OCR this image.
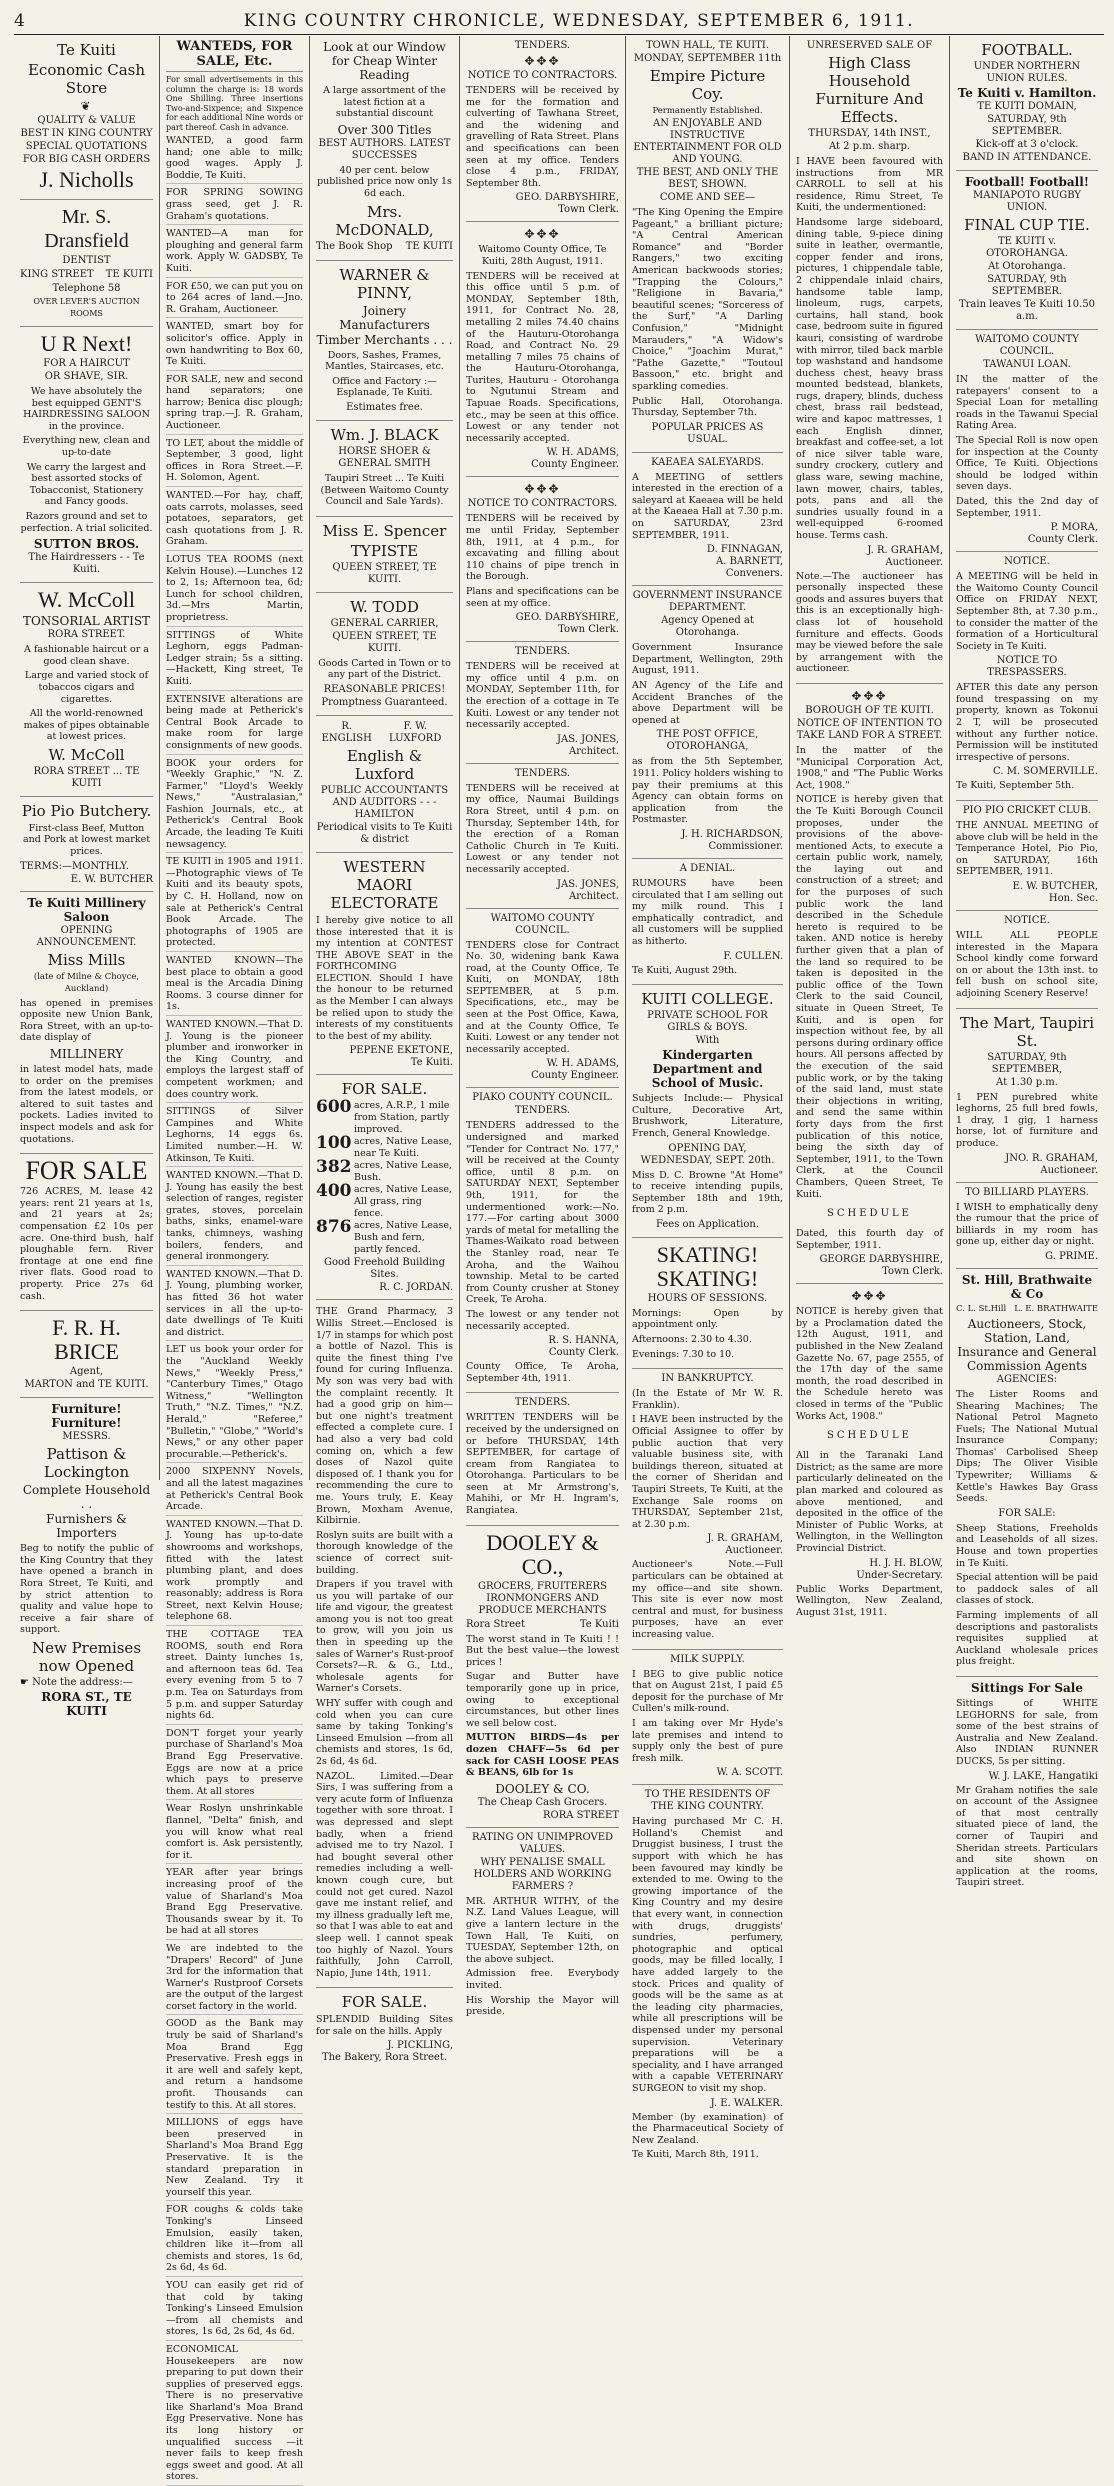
4	KING COUNTRY CHRONICLE, WEDNESDAY, SEPTEMBER 6, 1911.
Te Kuiti
Economic Cash Store
❦
QUALITY & VALUE
BEST IN KING COUNTRY
SPECIAL QUOTATIONS
FOR BIG CASH ORDERS
J. Nicholls
Mr. S. Dransfield
DENTIST
KING STREET TE KUITI
Telephone 58
OVER LEVER'S AUCTION ROOMS
U R Next!
FOR A HAIRCUT
OR SHAVE, SIR.

We have absolutely the best equipped GENT'S HAIRDRESSING SALOON in the province.

Everything new, clean and up-to-date

We carry the largest and best assorted stocks of Tobacconist, Stationery and Fancy goods.

Razors ground and set to perfection. A trial solicited.

SUTTON BROS.
The Hairdressers - - Te Kuiti.
W. McColl
TONSORIAL ARTIST
RORA STREET.

A fashionable haircut or a good clean shave.

Large and varied stock of tobaccos cigars and cigarettes.

All the world-renowned makes of pipes obtainable at lowest prices.

W. McColl
RORA STREET ... TE KUITI
Pio Pio Butchery.

First-class Beef, Mutton and Pork at lowest market prices.

TERMS:—MONTHLY.
E. W. BUTCHER
Te Kuiti Millinery Saloon
OPENING ANNOUNCEMENT.
Miss Mills
(late of Milne & Choyce, Auckland)

has opened in premises opposite new Union Bank, Rora Street, with an up-to-date display of

MILLINERY

in latest model hats, made to order on the premises from the latest models, or altered to suit tastes and pockets. Ladies invited to inspect models and ask for quotations.

FOR SALE

726 ACRES, M. lease 42 years: rent 21 years at 1s, and 21 years at 2s; compensation £2 10s per acre. One-third bush, half ploughable fern. River frontage at one end fine river flats. Good road to property. Price 27s 6d cash.

F. R. H. BRICE
Agent,
MARTON and TE KUITI.
Furniture! Furniture!
MESSRS.
Pattison & Lockington
Complete Household . .
Furnishers & Importers

Beg to notify the public of the King Country that they have opened a branch in Rora Street, Te Kuiti, and by strict attention to quality and value hope to receive a fair share of support.

New Premises now Opened
☛ Note the address:—
RORA ST., TE KUITI
WANTEDS, FOR SALE, Etc.

For small advertisements in this column the charge is: 18 words One Shilling. Three insertions Two-and-Sixpence; and Sixpence for each additional Nine words or part thereof. Cash in advance.

WANTED, a good farm hand; one able to milk; good wages. Apply J. Boddie, Te Kuiti.

FOR SPRING SOWING grass seed, get J. R. Graham's quotations.

WANTED—A man for ploughing and general farm work. Apply W. GADSBY, Te Kuiti.

FOR £50, we can put you on to 264 acres of land.—Jno. R. Graham, Auctioneer.

WANTED, smart boy for solicitor's office. Apply in own handwriting to Box 60, Te Kuiti.

FOR SALE, new and second hand separators; one harrow; Benica disc plough; spring trap.—J. R. Graham, Auctioneer.

TO LET, about the middle of September, 3 good, light offices in Rora Street.—F. H. Solomon, Agent.

WANTED.—For hay, chaff, oats carrots, molasses, seed potatoes, separators, get cash quotations from J. R. Graham.

LOTUS TEA ROOMS (next Kelvin House).—Lunches 12 to 2, 1s; Afternoon tea, 6d; Lunch for school children, 3d.—Mrs Martin, proprietress.

SITTINGS of White Leghorn, eggs Padman-Ledger strain; 5s a sitting.—Hackett, King street, Te Kuiti.

EXTENSIVE alterations are being made at Petherick's Central Book Arcade to make room for large consignments of new goods.

BOOK your orders for "Weekly Graphic," "N. Z. Farmer," "Lloyd's Weekly News," "Australasian," Fashion Journals, etc., at Petherick's Central Book Arcade, the leading Te Kuiti newsagency.

TE KUITI in 1905 and 1911.—Photographic views of Te Kuiti and its beauty spots, by C. H. Holland, now on sale at Petherick's Central Book Arcade. The photographs of 1905 are protected.

WANTED KNOWN—The best place to obtain a good meal is the Arcadia Dining Rooms. 3 course dinner for 1s.

WANTED KNOWN.—That D. J. Young is the pioneer plumber and ironworker in the King Country, and employs the largest staff of competent workmen; and does country work.

SITTINGS of Silver Campines and White Leghorns, 14 eggs 6s. Limited number.—H. W. Atkinson, Te Kuiti.

WANTED KNOWN.—That D. J. Young has easily the best selection of ranges, register grates, stoves, porcelain baths, sinks, enamel-ware tanks, chimneys, washing boilers, fenders, and general ironmongery.

WANTED KNOWN.—That D. J. Young, plumbing worker, has fitted 36 hot water services in all the up-to-date dwellings of Te Kuiti and district.

LET us book your order for the "Auckland Weekly News," "Weekly Press," "Canterbury Times," Otago Witness," "Wellington Truth," "N.Z. Times," "N.Z. Herald," "Referee," "Bulletin," "Globe," "World's News," or any other paper procurable.—Petherick's.

2000 SIXPENNY Novels, and all the latest magazines at Petherick's Central Book Arcade.

WANTED KNOWN.—That D. J. Young has up-to-date showrooms and workshops, fitted with the latest plumbing plant, and does work promptly and reasonably; address is Rora Street, next Kelvin House; telephone 68.

THE COTTAGE TEA ROOMS, south end Rora street. Dainty lunches 1s, and afternoon teas 6d. Tea every evening from 5 to 7 p.m. Tea on Saturdays from 5 p.m. and supper Saturday nights 6d.

DON'T forget your yearly purchase of Sharland's Moa Brand Egg Preservative. Eggs are now at a price which pays to preserve them. At all stores

Wear Roslyn unshrinkable flannel, "Delta" finish, and you will know what real comfort is. Ask persistently, for it.

YEAR after year brings increasing proof of the value of Sharland's Moa Brand Egg Preservative. Thousands swear by it. To be had at all stores

We are indebted to the "Drapers' Record" of June 3rd for the information that Warner's Rustproof Corsets are the output of the largest corset factory in the world.

GOOD as the Bank may truly be said of Sharland's Moa Brand Egg Preservative. Fresh eggs in it are well and safely kept, and return a handsome profit. Thousands can testify to this. At all stores.

MILLIONS of eggs have been preserved in Sharland's Moa Brand Egg Preservative. It is the standard preparation in New Zealand. Try it yourself this year.

FOR coughs & colds take Tonking's Linseed Emulsion, easily taken, children like it—from all chemists and stores, 1s 6d, 2s 6d, 4s 6d.

YOU can easily get rid of that cold by taking Tonking's Linseed Emulsion—from all chemists and stores, 1s 6d, 2s 6d, 4s 6d.

ECONOMICAL Housekeepers are now preparing to put down their supplies of preserved eggs. There is no preservative like Sharland's Moa Brand Egg Preservative. None has its long history or unqualified success —it never fails to keep fresh eggs sweet and good. At all stores.

Look at our Window for Cheap Winter Reading

A large assortment of the latest fiction at a substantial discount

Over 300 Titles
BEST AUTHORS. LATEST SUCCESSES

40 per cent. below published price now only 1s 6d each.

Mrs. McDONALD,
The Book Shop TE KUITI
WARNER & PINNY,
Joinery Manufacturers
Timber Merchants . . .

Doors, Sashes, Frames, Mantles, Staircases, etc.

Office and Factory :—Esplanade, Te Kuiti.

Estimates free.
Wm. J. BLACK
HORSE SHOER & GENERAL SMITH

Taupiri Street ... Te Kuiti (Between Waitomo County Council and Sale Yards).

Miss E. Spencer
TYPISTE
QUEEN STREET, TE KUITI.
W. TODD
GENERAL CARRIER,
QUEEN STREET, TE KUITI.

Goods Carted in Town or to any part of the District.

REASONABLE PRICES!
Promptness Guaranteed.
R. ENGLISH
F. W. LUXFORD
English & Luxford
PUBLIC ACCOUNTANTS AND AUDITORS - - - HAMILTON
Periodical visits to Te Kuiti & district
WESTERN MAORI ELECTORATE

I hereby give notice to all those interested that it is my intention at CONTEST THE ABOVE SEAT in the FORTHCOMING ELECTION. Should I have the honour to be returned as the Member I can always be relied upon to study the interests of my constituents to the best of my ability.

PEPENE EKETONE,
Te Kuiti.
FOR SALE.
600 acres, A.R.P., 1 mile from Station, partly improved.
100 acres, Native Lease, near Te Kuiti.
382 acres, Native Lease, Bush.
400 acres, Native Lease, All grass, ring fence.
876 acres, Native Lease, Bush and fern, partly fenced.
Good Freehold Building Sites.
R. C. JORDAN.

THE Grand Pharmacy, 3 Willis Street.—Enclosed is 1/7 in stamps for which post a bottle of Nazol. This is quite the finest thing I've found for curing Influenza. My son was very bad with the complaint recently. It had a good grip on him—but one night's treatment effected a complete cure. I had also a very bad cold coming on, which a few doses of Nazol quite disposed of. I thank you for recommending the cure to me. Yours truly, E. Keay Brown, Moxham Avenue, Kilbirnie.

Roslyn suits are built with a thorough knowledge of the science of correct suit-building.

Drapers if you travel with us you will partake of our life and vigour, the greatest among you is not too great to grow, will you join us then in speeding up the sales of Warner's Rust-proof Corsets?—R. & G., Ltd., wholesale agents for Warner's Corsets.

WHY suffer with cough and cold when you can cure same by taking Tonking's Linseed Emulsion —from all chemists and stores, 1s 6d, 2s 6d, 4s 6d.

NAZOL. Limited.—Dear Sirs, I was suffering from a very acute form of Influenza together with sore throat. I was depressed and slept badly, when a friend advised me to try Nazol. I had bought several other remedies including a well-known cough cure, but could not get cured. Nazol gave me instant relief, and my illness gradually left me, so that I was able to eat and sleep well. I cannot speak too highly of Nazol. Yours faithfully, John Carroll, Napio, June 14th, 1911.

FOR SALE.

SPLENDID Building Sites for sale on the hills. Apply

J. PICKLING,
The Bakery, Rora Street.
TENDERS.
✥✥✥
NOTICE TO CONTRACTORS.

TENDERS will be received by me for the formation and culverting of Tawhana Street, and the widening and gravelling of Rata Street. Plans and specifications can been seen at my office. Tenders close 4 p.m., FRIDAY, September 8th.

GEO. DARBYSHIRE,
Town Clerk.
✥✥✥

Waitomo County Office, Te Kuiti, 28th August, 1911.

TENDERS will be received at this office until 5 p.m. of MONDAY, September 18th, 1911, for Contract No. 28, metalling 2 miles 74.40 chains of the Hauturu-Otorohanga Road, and Contract No. 29 metalling 7 miles 75 chains of the Hauturu-Otorohanga, Turites, Hauturu - Otorohanga to Ngutunui Stream and Tapuae Roads. Specifications, etc., may be seen at this office. Lowest or any tender not necessarily accepted.

W. H. ADAMS,
County Engineer.
✥✥✥
NOTICE TO CONTRACTORS.

TENDERS will be received by me until Friday, September 8th, 1911, at 4 p.m., for excavating and filling about 110 chains of pipe trench in the Borough.

Plans and specifications can be seen at my office.

GEO. DARBYSHIRE,
Town Clerk.
TENDERS.

TENDERS will be received at my office until 4 p.m. on MONDAY, September 11th, for the erection of a cottage in Te Kuiti. Lowest or any tender not necessarily accepted.

JAS. JONES,
Architect.
TENDERS.

TENDERS will be received at my office, Naumai Buildings Rora Street, until 4 p.m. on Thursday, September 14th, for the erection of a Roman Catholic Church in Te Kuiti. Lowest or any tender not necessarily accepted.

JAS. JONES,
Architect.
WAITOMO COUNTY COUNCIL.

TENDERS close for Contract No. 30, widening bank Kawa road, at the County Office, Te Kuiti, on MONDAY, 18th SEPTEMBER, at 5 p.m. Specifications, etc., may be seen at the Post Office, Kawa, and at the County Office, Te Kuiti. Lowest or any tender not necessarily accepted.

W. H. ADAMS,
County Engineer.
PIAKO COUNTY COUNCIL.
TENDERS.

TENDERS addressed to the undersigned and marked "Tender for Contract No. 177," will be received at the County office, until 8 p.m. on SATURDAY NEXT, September 9th, 1911, for the undermentioned work:—No. 177.—For carting about 3000 yards of metal for metalling the Thames-Waikato road between the Stanley road, near Te Aroha, and the Waihou township. Metal to be carted from County crusher at Stoney Creek, Te Aroha.

The lowest or any tender not necessarily accepted.

R. S. HANNA,
County Clerk.

County Office, Te Aroha, September 4th, 1911.

TENDERS.

WRITTEN TENDERS will be received by the undersigned on or before THURSDAY, 14th SEPTEMBER, for cartage of cream from Rangiatea to Otorohanga. Particulars to be seen at Mr Armstrong's, Mahihi, or Mr H. Ingram's, Rangiatea.

DOOLEY & CO.,
GROCERS, FRUITERERS IRONMONGERS AND PRODUCE MERCHANTS
Rora Street	Te Kuiti

The worst stand in Te Kuiti ! ! But the best value—the lowest prices !

Sugar and Butter have temporarily gone up in price, owing to exceptional circumstances, but other lines we sell below cost.

MUTTON BIRDS—4s per dozen CHAFF—5s 6d per sack for CASH LOOSE PEAS & BEANS, 6lb for 1s

DOOLEY & CO.
The Cheap Cash Grocers.
RORA STREET
RATING ON UNIMPROVED VALUES.
WHY PENALISE SMALL HOLDERS AND WORKING FARMERS ?

MR. ARTHUR WITHY, of the N.Z. Land Values League, will give a lantern lecture in the Town Hall, Te Kuiti, on TUESDAY, September 12th, on the above subject.

Admission free. Everybody invited.

His Worship the Mayor will preside.

TOWN HALL, TE KUITI.
MONDAY, SEPTEMBER 11th
Empire Picture Coy.
Permanently Established.
AN ENJOYABLE AND INSTRUCTIVE ENTERTAINMENT FOR OLD AND YOUNG.
THE BEST, AND ONLY THE BEST, SHOWN.
COME AND SEE—

"The King Opening the Empire Pageant," a brilliant picture; "A Central American Romance" and "Border Rangers," two exciting American backwoods stories; "Trapping the Colours," "Religione in Bavaria," beautiful scenes; "Sorceress of the Surf," "A Darling Confusion," "Midnight Marauders," "A Widow's Choice," "Joachim Murat," "Pathe Gazette," "Toutoul Bassoon," etc. bright and sparkling comedies.

Public Hall, Otorohanga. Thursday, September 7th.

POPULAR PRICES AS USUAL.
KAEAEA SALEYARDS.

A MEETING of settlers interested in the erection of a saleyard at Kaeaea will be held at the Kaeaea Hall at 7.30 p.m. on SATURDAY, 23rd SEPTEMBER, 1911.

D. FINNAGAN,
A. BARNETT,
Conveners.
GOVERNMENT INSURANCE DEPARTMENT.
Agency Opened at Otorohanga.

Government Insurance Department, Wellington, 29th August, 1911.

AN Agency of the Life and Accident Branches of the above Department will be opened at

THE POST OFFICE, OTOROHANGA,

as from the 5th September, 1911. Policy holders wishing to pay their premiums at this Agency can obtain forms on application from the Postmaster.

J. H. RICHARDSON,
Commissioner.
A DENIAL.

RUMOURS have been circulated that I am selling out my milk round. This I emphatically contradict, and all customers will be supplied as hitherto.

F. CULLEN.

Te Kuiti, August 29th.

KUITI COLLEGE.
PRIVATE SCHOOL FOR GIRLS & BOYS.
With
Kindergarten Department and School of Music.

Subjects Include:— Physical Culture, Decorative Art, Brushwork, Literature, French, General Knowledge.

OPENING DAY, WEDNESDAY, SEPT. 20th.

Miss D. C. Browne "At Home" to receive intending pupils, September 18th and 19th, from 2 p.m.

Fees on Application.
SKATING! SKATING!
HOURS OF SESSIONS.

Mornings: Open by appointment only.

Afternoons: 2.30 to 4.30.

Evenings: 7.30 to 10.

IN BANKRUPTCY.

(In the Estate of Mr W. R. Franklin).

I HAVE been instructed by the Official Assignee to offer by public auction that very valuable business site, with buildings thereon, situated at the corner of Sheridan and Taupiri Streets, Te Kuiti, at the Exchange Sale rooms on THURSDAY, September 21st, at 2.30 p.m.

J. R. GRAHAM,
Auctioneer.

Auctioneer's Note.—Full particulars can be obtained at my office—and site shown. This site is ever now most central and must, for business purposes, have an ever increasing value.

MILK SUPPLY.

I BEG to give public notice that on August 21st, I paid £5 deposit for the purchase of Mr Cullen's milk-round.

I am taking over Mr Hyde's late premises and intend to supply only the best of pure fresh milk.

W. A. SCOTT.
TO THE RESIDENTS OF THE KING COUNTRY.

Having purchased Mr C. H. Holland's Chemist and Druggist business, I trust the support with which he has been favoured may kindly be extended to me. Owing to the growing importance of the King Country and my desire that every want, in connection with drugs, druggists' sundries, perfumery, photographic and optical goods, may be filled locally, I have added largely to the stock. Prices and quality of goods will be the same as at the leading city pharmacies, while all prescriptions will be dispensed under my personal supervision. Veterinary preparations will be a speciality, and I have arranged with a capable VETERINARY SURGEON to visit my shop.

J. E. WALKER.

Member (by examination) of the Pharmaceutical Society of New Zealand.

Te Kuiti, March 8th, 1911.

UNRESERVED SALE OF
High Class Household Furniture And Effects.
THURSDAY, 14th INST.,
At 2 p.m. sharp.

I HAVE been favoured with instructions from MR CARROLL to sell at his residence, Rimu Street, Te Kuiti, the undermentioned:

Handsome large sideboard, dining table, 9-piece dining suite in leather, overmantle, copper fender and irons, pictures, 1 chippendale table, 2 chippendale inlaid chairs, handsome table lamp, linoleum, rugs, carpets, curtains, hall stand, book case, bedroom suite in figured kauri, consisting of wardrobe with mirror, tiled back marble top washstand and handsome duchess chest, heavy brass mounted bedstead, blankets, rugs, drapery, blinds, duchess chest, brass rail bedstead, wire and kapoc mattresses, 1 each English dinner, breakfast and coffee-set, a lot of nice silver table ware, sundry crockery, cutlery and glass ware, sewing machine, lawn mower, chairs, tables, pots, pans and all the sundries usually found in a well-equipped 6-roomed house. Terms cash.

J. R. GRAHAM,
Auctioneer.

Note.—The auctioneer has personally inspected these goods and assures buyers that this is an exceptionally high-class lot of household furniture and effects. Goods may be viewed before the sale by arrangement with the auctioneer.

✥✥✥
BOROUGH OF TE KUITI.
NOTICE OF INTENTION TO TAKE LAND FOR A STREET.

In the matter of the "Municipal Corporation Act, 1908," and "The Public Works Act, 1908."

NOTICE is hereby given that the Te Kuiti Borough Council proposes, under the provisions of the above-mentioned Acts, to execute a certain public work, namely, the laying out and construction of a street; and for the purposes of such public work the land described in the Schedule hereto is required to be taken. AND notice is hereby further given that a plan of the land so required to be taken is deposited in the public office of the Town Clerk to the said Council, situate in Queen Street, Te Kuiti, and is open for inspection without fee, by all persons during ordinary office hours. All persons affected by the execution of the said public work, or by the taking of the said land, must state their objections in writing, and send the same within forty days from the first publication of this notice, being the sixth day of September, 1911, to the Town Clerk, at the Council Chambers, Queen Street, Te Kuiti.

SCHEDULE

Dated, this fourth day of September, 1911.

GEORGE DARBYSHIRE,
Town Clerk.
✥✥✥

NOTICE is hereby given that by a Proclamation dated the 12th August, 1911, and published in the New Zealand Gazette No. 67, page 2555, of the 17th day of the same month, the road described in the Schedule hereto was closed in terms of the "Public Works Act, 1908."

SCHEDULE

All in the Taranaki Land District; as the same are more particularly delineated on the plan marked and coloured as above mentioned, and deposited in the office of the Minister of Public Works, at Wellington, in the Wellington Provincial District.

H. J. H. BLOW,
Under-Secretary.

Public Works Department, Wellington, New Zealand, August 31st, 1911.

FOOTBALL.
UNDER NORTHERN UNION RULES.
Te Kuiti v. Hamilton.
TE KUITI DOMAIN,
SATURDAY, 9th SEPTEMBER.
Kick-off at 3 o'clock.
BAND IN ATTENDANCE.
Football! Football!
MANIAPOTO RUGBY UNION.
FINAL CUP TIE.
TE KUITI v. OTOROHANGA.
At Otorohanga.
SATURDAY, 9th SEPTEMBER.
Train leaves Te Kuiti 10.50 a.m.
WAITOMO COUNTY COUNCIL.
TAWANUI LOAN.

IN the matter of the ratepayers' consent to a Special Loan for metalling roads in the Tawanui Special Rating Area.

The Special Roll is now open for inspection at the County Office, Te Kuiti. Objections should be lodged within seven days.

Dated, this the 2nd day of September, 1911.

P. MORA,
County Clerk.
NOTICE.

A MEETING will be held in the Waitomo County Council Office on FRIDAY NEXT, September 8th, at 7.30 p.m., to consider the matter of the formation of a Horticultural Society in Te Kuiti.

NOTICE TO TRESPASSERS.

AFTER this date any person found trespassing on my property, known as Tokonui 2 T, will be prosecuted without any further notice. Permission will be instituted irrespective of persons.

C. M. SOMERVILLE.

Te Kuiti, September 5th.

PIO PIO CRICKET CLUB.

THE ANNUAL MEETING of above club will be held in the Temperance Hotel, Pio Pio, on SATURDAY, 16th SEPTEMBER, 1911.

E. W. BUTCHER,
Hon. Sec.
NOTICE.

WILL ALL PEOPLE interested in the Mapara School kindly come forward on or about the 13th inst. to fell bush on school site, adjoining Scenery Reserve!

The Mart, Taupiri St.
SATURDAY, 9th SEPTEMBER,
At 1.30 p.m.

1 PEN purebred white leghorns, 25 full bred fowls, 1 dray, 1 gig, 1 harness horse, lot of furniture and produce.

JNO. R. GRAHAM,
Auctioneer.
TO BILLIARD PLAYERS.

I WISH to emphatically deny the rumour that the price of billiards in my room has gone up, either day or night.

G. PRIME.
St. Hill, Brathwaite & Co
C. L. St.Hill L. E. BRATHWAITE
Auctioneers, Stock, Station, Land, Insurance and General Commission Agents
AGENCIES:

The Lister Rooms and Shearing Machines; The National Petrol Magneto Fuels; The National Mutual Insurance Company; Thomas' Carbolised Sheep Dips; The Oliver Visible Typewriter; Williams & Kettle's Hawkes Bay Grass Seeds.

FOR SALE:

Sheep Stations, Freeholds and Leaseholds of all sizes. House and town properties in Te Kuiti.

Special attention will be paid to paddock sales of all classes of stock.

Farming implements of all descriptions and pastoralists requisites supplied at Auckland wholesale prices plus freight.

Sittings For Sale

Sittings of WHITE LEGHORNS for sale, from some of the best strains of Australia and New Zealand. Also INDIAN RUNNER DUCKS, 5s per sitting.

W. J. LAKE, Hangatiki

Mr Graham notifies the sale on account of the Assignee of that most centrally situated piece of land, the corner of Taupiri and Sheridan streets. Particulars and site shown on application at the rooms, Taupiri street.
